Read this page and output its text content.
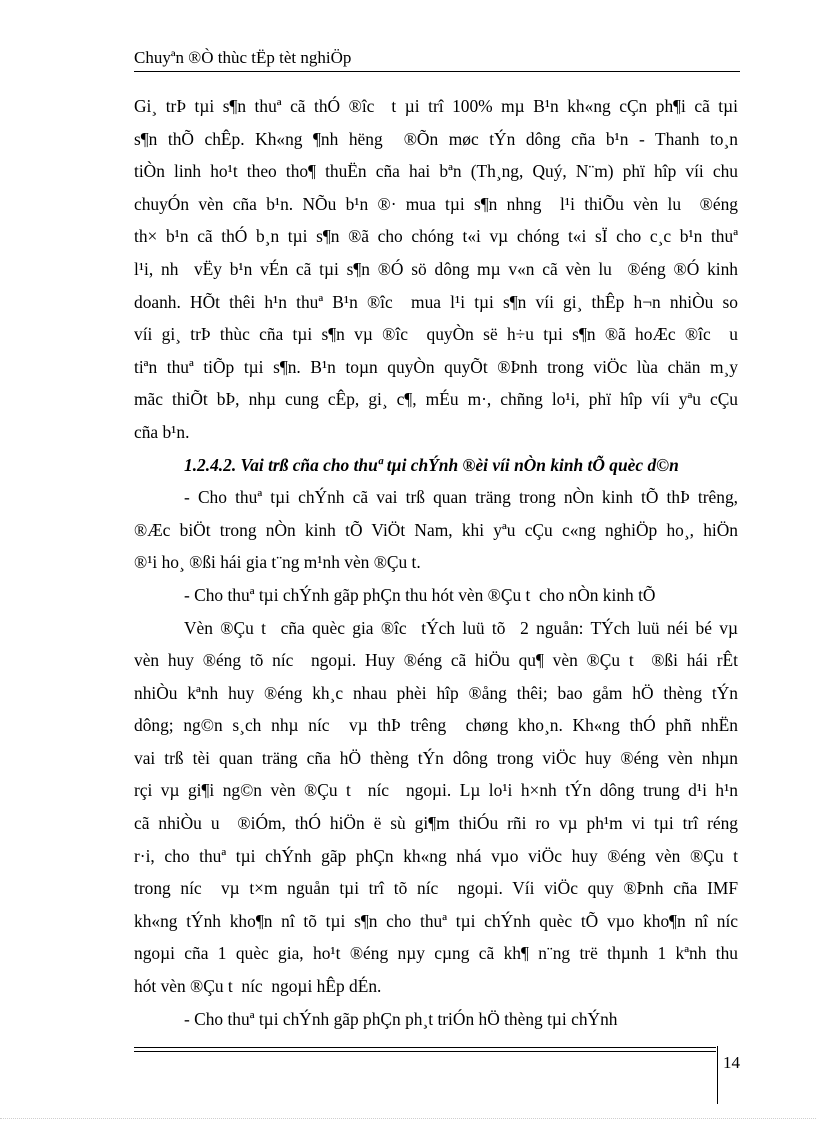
Chuyªn ®Ò thùc tËp tèt nghiÖp
Gi¸ trÞ tµi s¶n thuª cã thÓ ®îc  t µi trî 100% mµ B¹n kh«ng cÇn ph¶i cã tµi
s¶n thÕ chÊp. Kh«ng ¶nh hëng  ®Õn møc tÝn dông cña b¹n - Thanh to¸n
tiÒn linh ho¹t theo tho¶ thuËn cña hai bªn (Th¸ng, Quý, N¨m) phï hîp víi chu
chuyÓn vèn cña b¹n. NÕu b¹n ®· mua tµi s¶n nhng  l¹i thiÕu vèn lu  ®éng
th× b¹n cã thÓ b¸n tµi s¶n ®ã cho chóng t«i vµ chóng t«i sÏ cho c¸c b¹n thuª
l¹i, nh  vËy b¹n vÉn cã tµi s¶n ®Ó sö dông mµ v«n cã vèn lu  ®éng ®Ó kinh
doanh. HÕt thêi h¹n thuª B¹n ®îc  mua l¹i tµi s¶n víi gi¸ thÊp h¬n nhiÒu so
víi gi¸ trÞ thùc cña tµi s¶n vµ ®îc  quyÒn së h÷u tµi s¶n ®ã hoÆc ®îc  u
tiªn thuª tiÕp tµi s¶n. B¹n toµn quyÒn quyÕt ®Þnh trong viÖc lùa chän m¸y
mãc thiÕt bÞ, nhµ cung cÊp, gi¸ c¶, mÉu m·, chñng lo¹i, phï hîp víi yªu cÇu
cña b¹n.
1.2.4.2. Vai trß cña cho thuª tµi chÝnh ®èi víi nÒn kinh tÕ quèc d©n
- Cho thuª tµi chÝnh cã vai trß quan träng trong nÒn kinh tÕ thÞ trêng,
®Æc biÖt trong nÒn kinh tÕ ViÖt Nam, khi yªu cÇu c«ng nghiÖp ho¸, hiÖn
®¹i ho¸ ®ßi hái gia t¨ng m¹nh vèn ®Çu t.
- Cho thuª tµi chÝnh gãp phÇn thu hót vèn ®Çu t  cho nÒn kinh tÕ
Vèn ®Çu t  cña quèc gia ®îc  tÝch luü tõ  2 nguån: TÝch luü néi bé vµ
vèn huy ®éng tõ níc  ngoµi. Huy ®éng cã hiÖu qu¶ vèn ®Çu t  ®ßi hái rÊt
nhiÒu kªnh huy ®éng kh¸c nhau phèi hîp ®ång thêi; bao gåm hÖ thèng tÝn
dông; ng©n s¸ch nhµ níc  vµ thÞ trêng  chøng kho¸n. Kh«ng thÓ phñ nhËn
vai trß tèi quan träng cña hÖ thèng tÝn dông trong viÖc huy ®éng vèn nhµn
rçi vµ gi¶i ng©n vèn ®Çu t  níc  ngoµi. Lµ lo¹i h×nh tÝn dông trung d¹i h¹n
cã nhiÒu u  ®iÓm, thÓ hiÖn ë sù gi¶m thiÓu rñi ro vµ ph¹m vi tµi trî réng
r·i, cho thuª tµi chÝnh gãp phÇn kh«ng nhá vµo viÖc huy ®éng vèn ®Çu t
trong níc  vµ t×m nguån tµi trî tõ níc  ngoµi. Víi viÖc quy ®Þnh cña IMF
kh«ng tÝnh kho¶n nî tõ tµi s¶n cho thuª tµi chÝnh quèc tÕ vµo kho¶n nî níc
ngoµi cña 1 quèc gia, ho¹t ®éng nµy cµng cã kh¶ n¨ng trë thµnh 1 kªnh thu
hót vèn ®Çu t  níc  ngoµi hÊp dÉn.
- Cho thuª tµi chÝnh gãp phÇn ph¸t triÓn hÖ thèng tµi chÝnh
14
